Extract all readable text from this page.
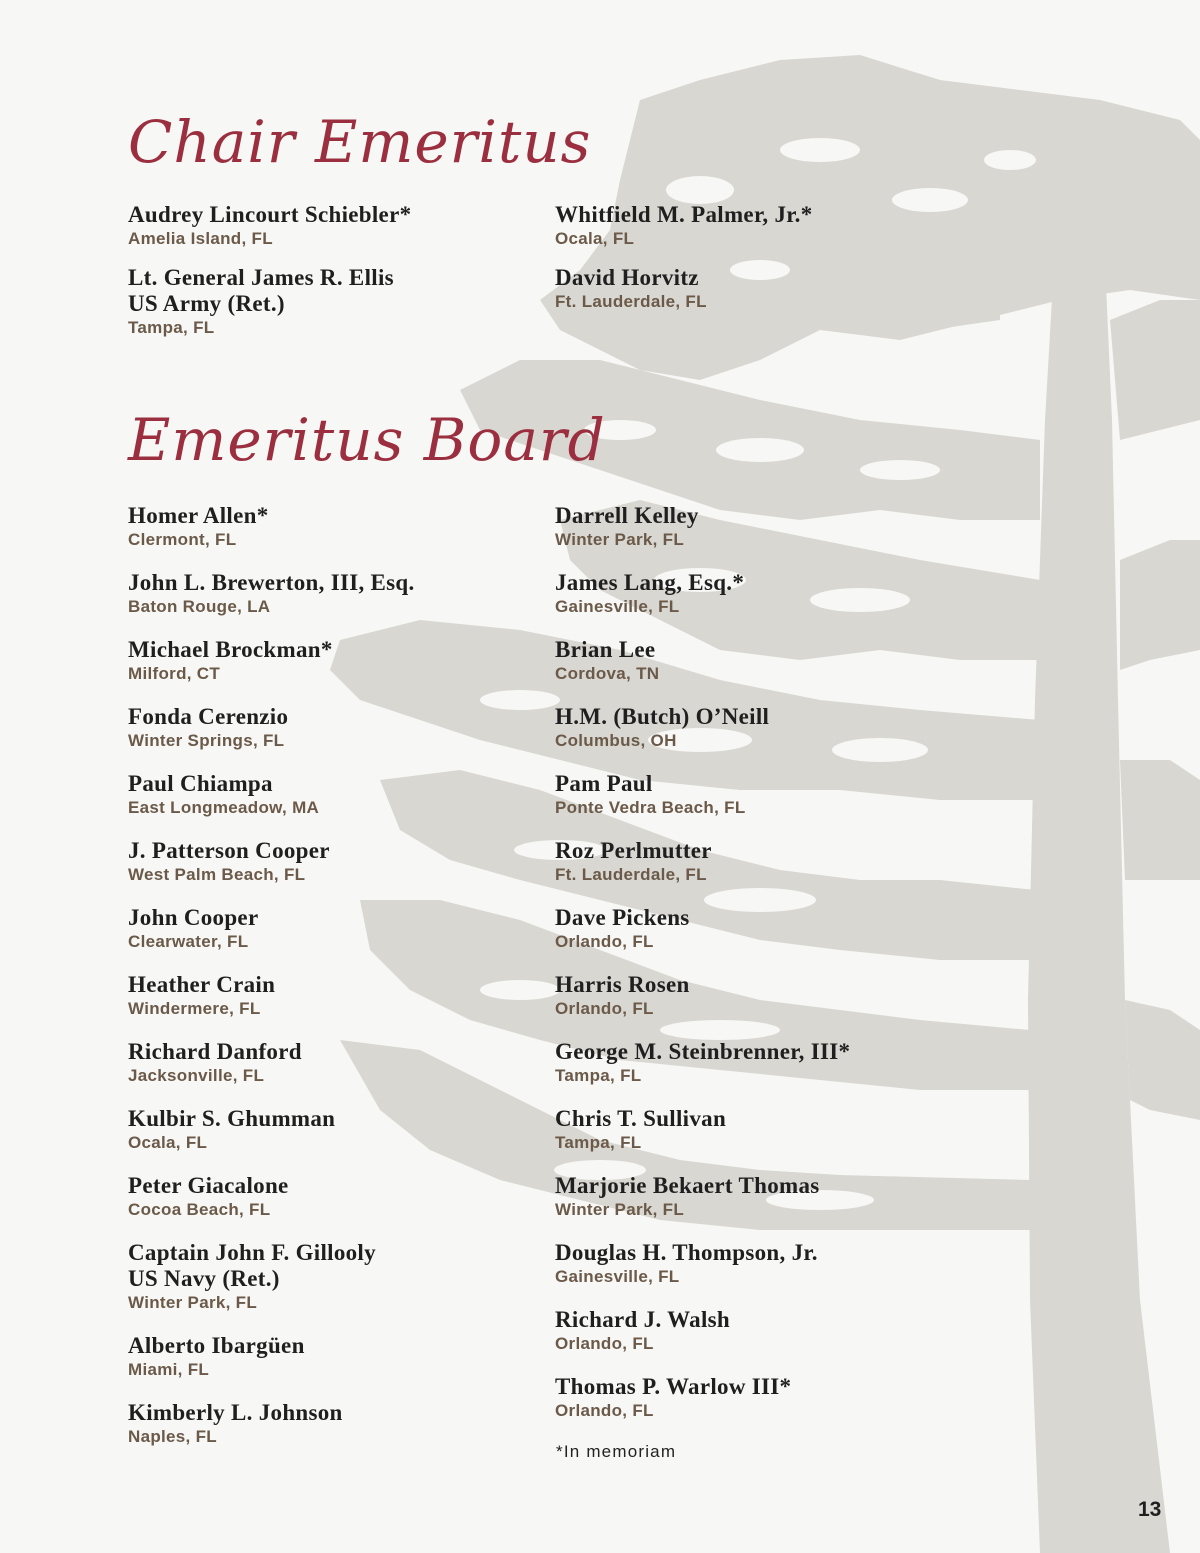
Chair Emeritus
Audrey Lincourt Schiebler*
Amelia Island, FL
Lt. General James R. Ellis
US Army (Ret.)
Tampa, FL
Whitfield M. Palmer, Jr.*
Ocala, FL
David Horvitz
Ft. Lauderdale, FL
Emeritus Board
Homer Allen*
Clermont, FL
John L. Brewerton, III, Esq.
Baton Rouge, LA
Michael Brockman*
Milford, CT
Fonda Cerenzio
Winter Springs, FL
Paul Chiampa
East Longmeadow, MA
J. Patterson Cooper
West Palm Beach, FL
John Cooper
Clearwater, FL
Heather Crain
Windermere, FL
Richard Danford
Jacksonville, FL
Kulbir S. Ghumman
Ocala, FL
Peter Giacalone
Cocoa Beach, FL
Captain John F. Gillooly
US Navy (Ret.)
Winter Park, FL
Alberto Ibargüen
Miami, FL
Kimberly L. Johnson
Naples, FL
Darrell Kelley
Winter Park, FL
James Lang, Esq.*
Gainesville, FL
Brian Lee
Cordova, TN
H.M. (Butch) O’Neill
Columbus, OH
Pam Paul
Ponte Vedra Beach, FL
Roz Perlmutter
Ft. Lauderdale, FL
Dave Pickens
Orlando, FL
Harris Rosen
Orlando, FL
George M. Steinbrenner, III*
Tampa, FL
Chris T. Sullivan
Tampa, FL
Marjorie Bekaert Thomas
Winter Park, FL
Douglas H. Thompson, Jr.
Gainesville, FL
Richard J. Walsh
Orlando, FL
Thomas P. Warlow III*
Orlando, FL
*In memoriam
13
